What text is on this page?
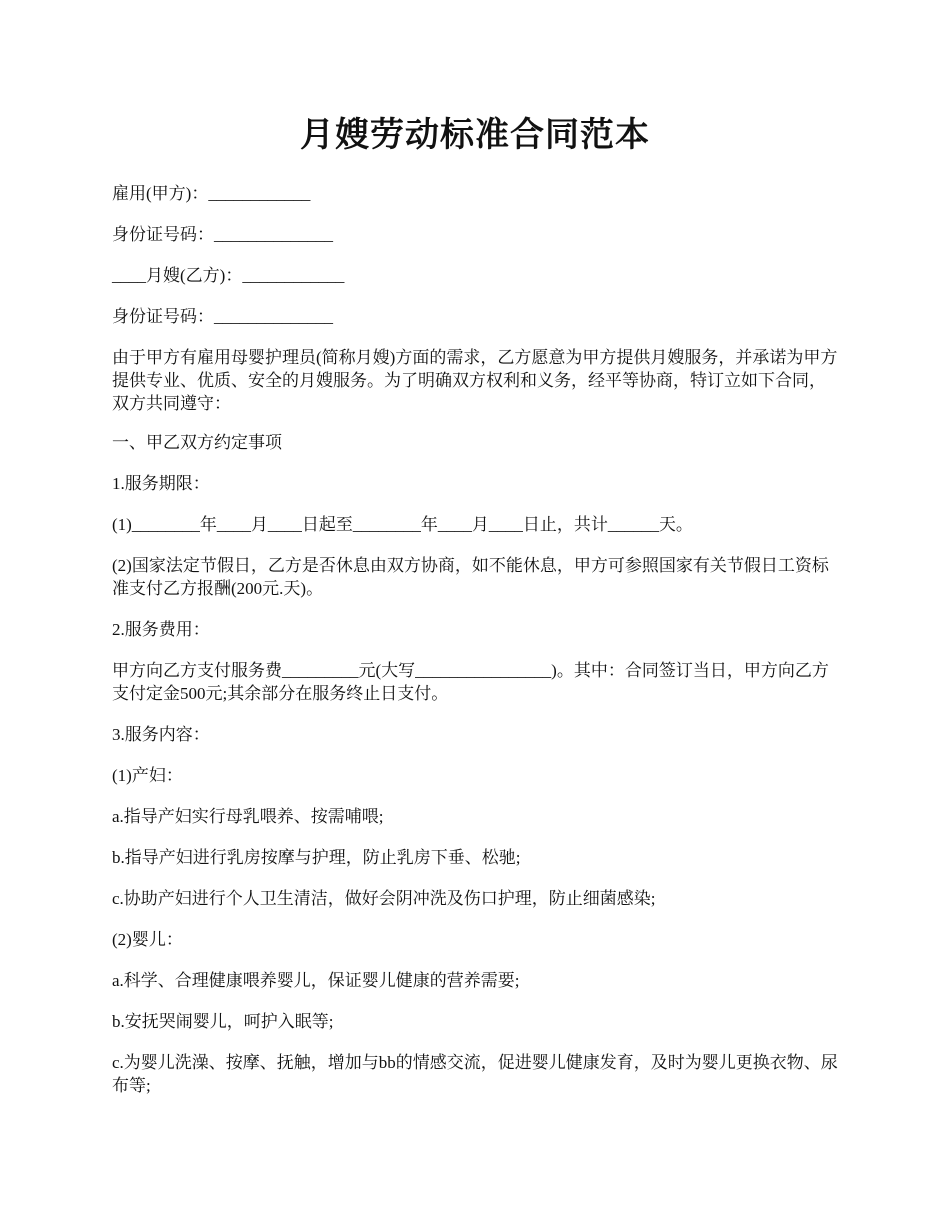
月嫂劳动标准合同范本

雇用(甲方)：____________

身份证号码：______________

____月嫂(乙方)：____________

身份证号码：______________

由于甲方有雇用母婴护理员(简称月嫂)方面的需求，乙方愿意为甲方提供月嫂服务，并承诺为甲方提供专业、优质、安全的月嫂服务。为了明确双方权利和义务，经平等协商，特订立如下合同，双方共同遵守：

一、甲乙双方约定事项

1.服务期限：

(1)________年____月____日起至________年____月____日止，共计______天。

(2)国家法定节假日，乙方是否休息由双方协商，如不能休息，甲方可参照国家有关节假日工资标准支付乙方报酬(200元.天)。

2.服务费用：

甲方向乙方支付服务费_________元(大写________________)。其中：合同签订当日，甲方向乙方支付定金500元;其余部分在服务终止日支付。

3.服务内容：

(1)产妇：

a.指导产妇实行母乳喂养、按需哺喂;

b.指导产妇进行乳房按摩与护理，防止乳房下垂、松驰;

c.协助产妇进行个人卫生清洁，做好会阴冲洗及伤口护理，防止细菌感染;

(2)婴儿：

a.科学、合理健康喂养婴儿，保证婴儿健康的营养需要;

b.安抚哭闹婴儿，呵护入眠等;

c.为婴儿洗澡、按摩、抚触，增加与bb的情感交流，促进婴儿健康发育，及时为婴儿更换衣物、尿布等;
